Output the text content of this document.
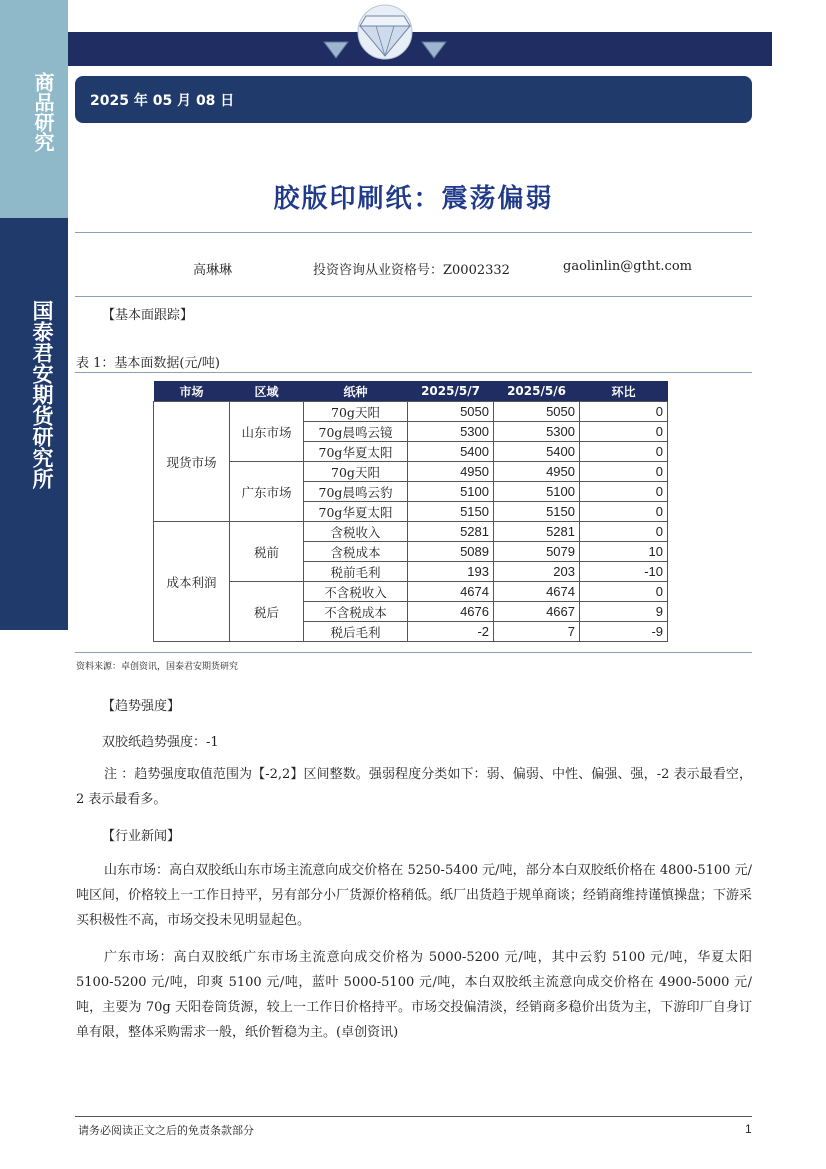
商品研究
国泰君安期货研究所
2025 年 05 月 08 日
胶版印刷纸：震荡偏弱
高琳琳	投资咨询从业资格号：Z0002332	gaolinlin@gtht.com
【基本面跟踪】
表 1：基本面数据(元/吨)
市场	区域	纸种	2025/5/7	2025/5/6	环比
现货市场	山东市场	70g天阳	5050	5050	0
		70g晨鸣云镜	5300	5300	0
		70g华夏太阳	5400	5400	0
	广东市场	70g天阳	4950	4950	0
		70g晨鸣云豹	5100	5100	0
		70g华夏太阳	5150	5150	0
成本利润	税前	含税收入	5281	5281	0
		含税成本	5089	5079	10
		税前毛利	193	203	-10
	税后	不含税收入	4674	4674	0
		不含税成本	4676	4667	9
		税后毛利	-2	7	-9
资料来源：卓创资讯，国泰君安期货研究
【趋势强度】
双胶纸趋势强度：-1
注 ：趋势强度取值范围为【-2,2】区间整数。强弱程度分类如下：弱、偏弱、中性、偏强、强，-2 表示最看空，2 表示最看多。
【行业新闻】
山东市场：高白双胶纸山东市场主流意向成交价格在 5250-5400 元/吨，部分本白双胶纸价格在 4800-5100 元/吨区间，价格较上一工作日持平，另有部分小厂货源价格稍低。纸厂出货趋于规单商谈；经销商维持谨慎操盘；下游采买积极性不高，市场交投未见明显起色。
广东市场：高白双胶纸广东市场主流意向成交价格为 5000-5200 元/吨，其中云豹 5100 元/吨，华夏太阳 5100-5200 元/吨，印爽 5100 元/吨，蓝叶 5000-5100 元/吨，本白双胶纸主流意向成交价格在 4900-5000 元/吨，主要为 70g 天阳卷筒货源，较上一工作日价格持平。市场交投偏清淡，经销商多稳价出货为主，下游印厂自身订单有限，整体采购需求一般，纸价暂稳为主。(卓创资讯)
请务必阅读正文之后的免责条款部分	1
